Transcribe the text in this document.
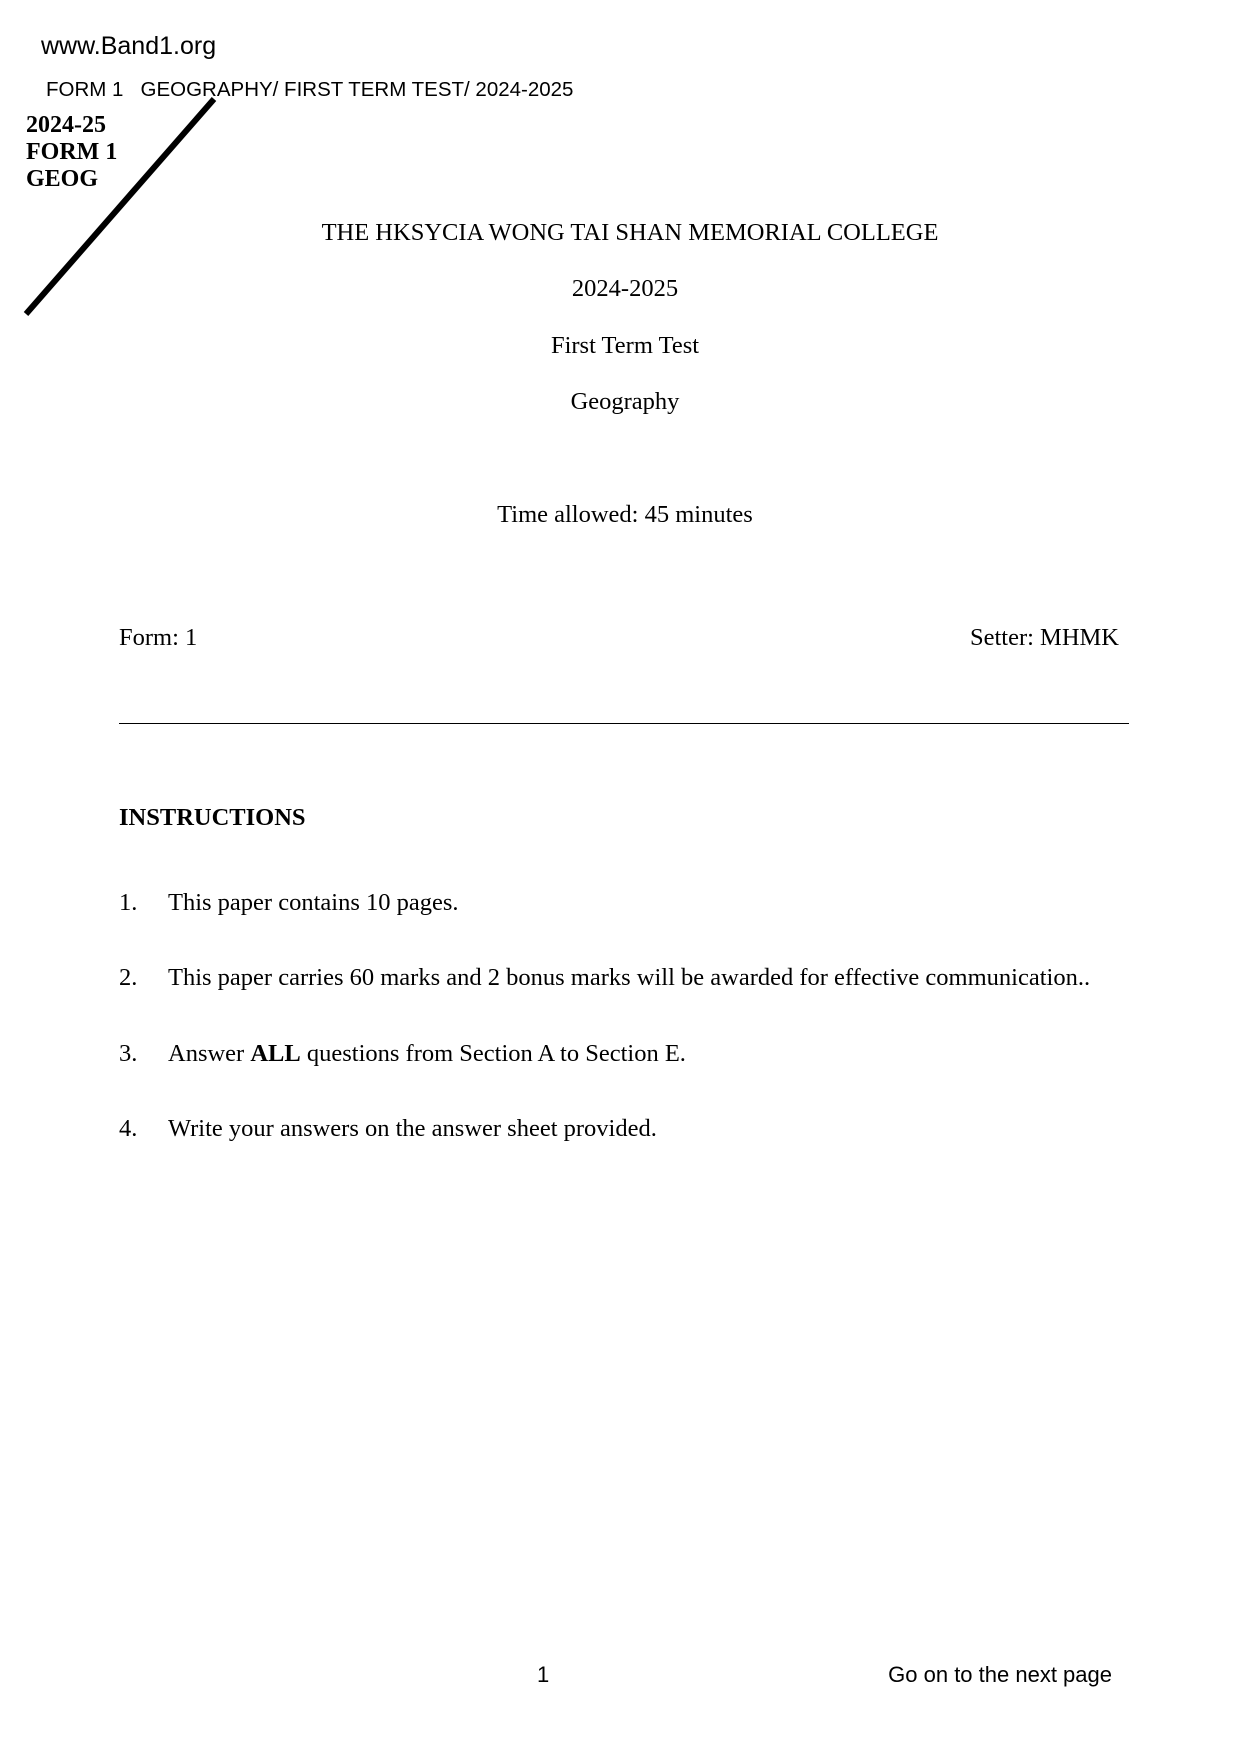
www.Band1.org
FORM 1   GEOGRAPHY/ FIRST TERM TEST/ 2024-2025
2024-25
FORM 1
GEOG
THE HKSYCIA WONG TAI SHAN MEMORIAL COLLEGE
2024-2025
First Term Test
Geography
Time allowed: 45 minutes
Form: 1	Setter: MHMK
INSTRUCTIONS
1. This paper contains 10 pages.
2. This paper carries 60 marks and 2 bonus marks will be awarded for effective communication..
3. Answer ALL questions from Section A to Section E.
4. Write your answers on the answer sheet provided.
1	Go on to the next page
